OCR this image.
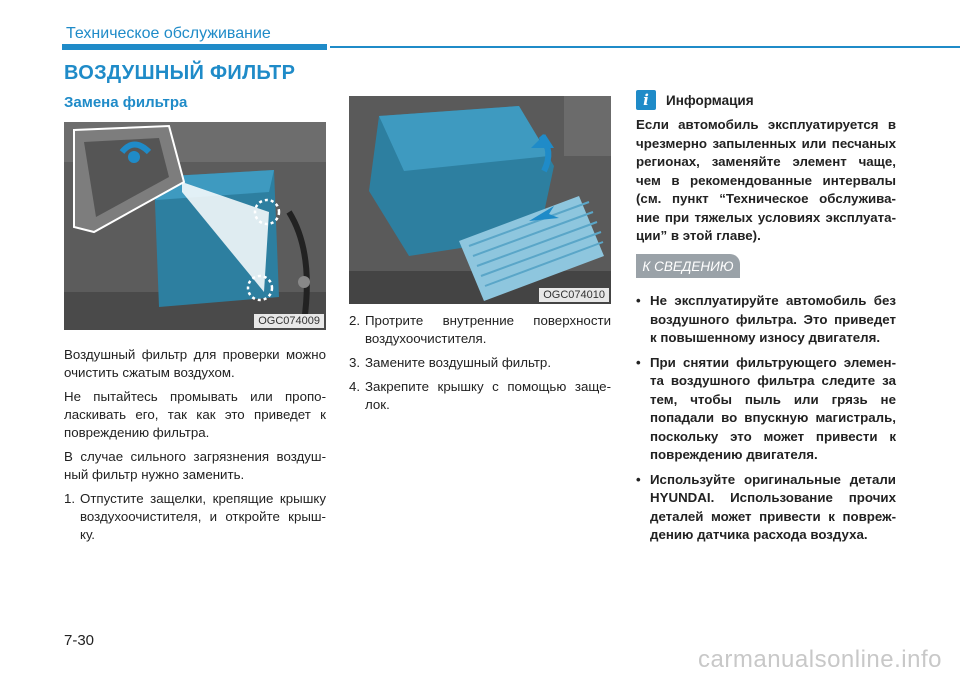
Техническое обслуживание
ВОЗДУШНЫЙ ФИЛЬТР
Замена фильтра
OGC074009
OGC074010

Воздушный фильтр для проверки можно очистить сжатым воздухом.

Не пытайтесь промывать или пропо-ласкивать его, так как это приведет к повреждению фильтра.

В случае сильного загрязнения воздуш-ный фильтр нужно заменить.

1. Отпустите защелки, крепящие крышку воздухоочистителя, и откройте крыш-ку.
2. Протрите внутренние поверхности воздухоочистителя.
3. Замените воздушный фильтр.
4. Закрепите крышку с помощью заще-лок.
i	Информация
Если автомобиль эксплуатируется в чрезмерно запыленных или песчаных регионах, заменяйте элемент чаще, чем в рекомендованные интервалы (см. пункт “Техническое обслужива-ние при тяжелых условиях эксплуата-ции” в этой главе).
К СВЕДЕНИЮ
• Не эксплуатируйте автомобиль без воздушного фильтра. Это приведет к повышенному износу двигателя.
• При снятии фильтрующего элемен-та воздушного фильтра следите за тем, чтобы пыль или грязь не попадали во впускную магистраль, поскольку это может привести к повреждению двигателя.
• Используйте оригинальные детали HYUNDAI. Использование прочих деталей может привести к повреж-дению датчика расхода воздуха.
7-30
carmanualsonline.info
